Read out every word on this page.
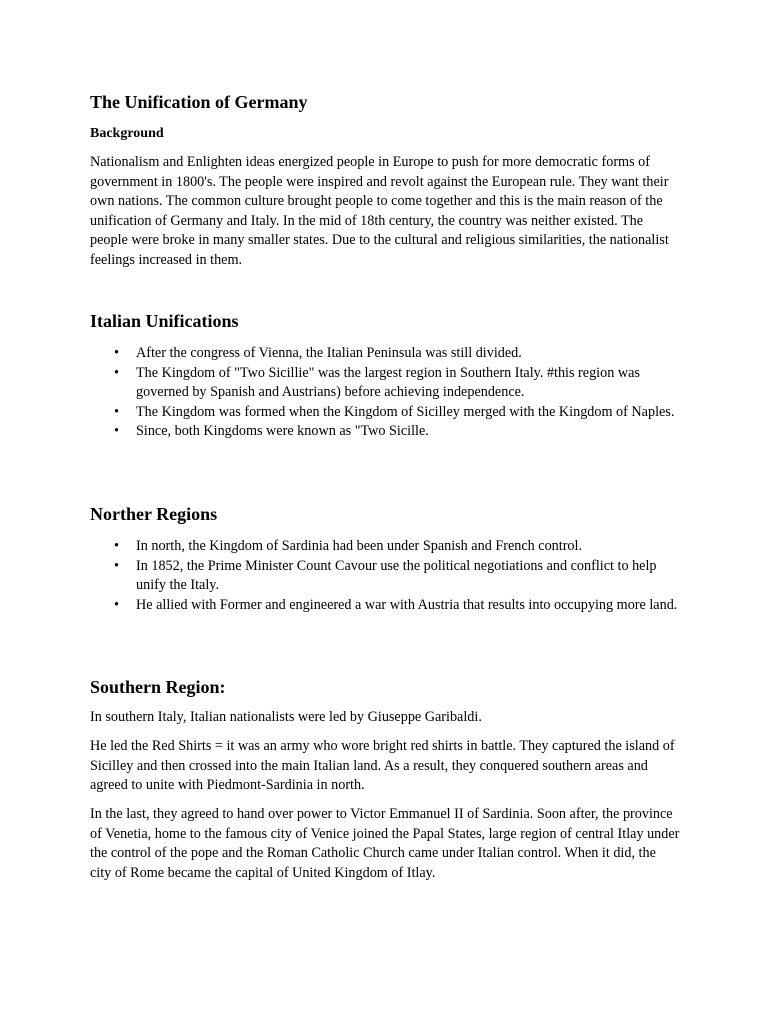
The Unification of Germany
Background

Nationalism and Enlighten ideas energized people in Europe to push for more democratic forms of government in 1800's. The people were inspired and revolt against the European rule. They want their own nations. The common culture brought people to come together and this is the main reason of the unification of Germany and Italy. In the mid of 18th century, the country was neither existed. The people were broke in many smaller states. Due to the cultural and religious similarities, the nationalist feelings increased in them.

Italian Unifications
• After the congress of Vienna, the Italian Peninsula was still divided.
• The Kingdom of "Two Sicillie" was the largest region in Southern Italy. #this region was governed by Spanish and Austrians) before achieving independence.
• The Kingdom was formed when the Kingdom of Sicilley merged with the Kingdom of Naples.
• Since, both Kingdoms were known as "Two Sicille.
Norther Regions
• In north, the Kingdom of Sardinia had been under Spanish and French control.
• In 1852, the Prime Minister Count Cavour use the political negotiations and conflict to help unify the Italy.
• He allied with Former and engineered a war with Austria that results into occupying more land.
Southern Region:

In southern Italy, Italian nationalists were led by Giuseppe Garibaldi.

He led the Red Shirts = it was an army who wore bright red shirts in battle. They captured the island of Sicilley and then crossed into the main Italian land. As a result, they conquered southern areas and agreed to unite with Piedmont-Sardinia in north.

In the last, they agreed to hand over power to Victor Emmanuel II of Sardinia. Soon after, the province of Venetia, home to the famous city of Venice joined the Papal States, large region of central Itlay under the control of the pope and the Roman Catholic Church came under Italian control. When it did, the city of Rome became the capital of United Kingdom of Itlay.
